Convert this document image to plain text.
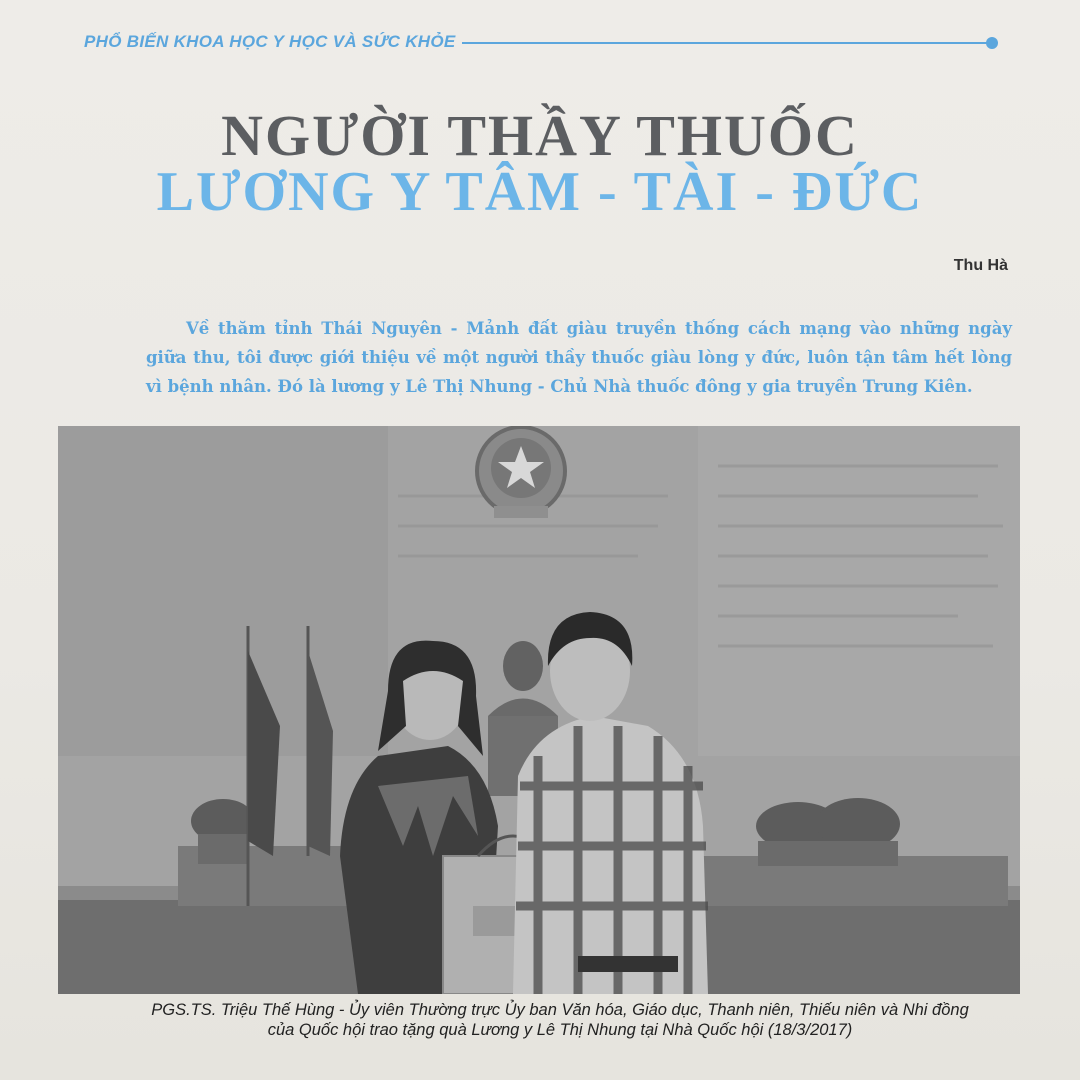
PHỔ BIẾN KHOA HỌC Y HỌC VÀ SỨC KHỎE
NGƯỜI THẦY THUỐC
LƯƠNG Y TÂM - TÀI - ĐỨC
Thu Hà

Về thăm tỉnh Thái Nguyên - Mảnh đất giàu truyền thống cách mạng vào những ngày giữa thu, tôi được giới thiệu về một người thầy thuốc giàu lòng y đức, luôn tận tâm hết lòng vì bệnh nhân. Đó là lương y Lê Thị Nhung - Chủ Nhà thuốc đông y gia truyền Trung Kiên.

PGS.TS. Triệu Thế Hùng - Ủy viên Thường trực Ủy ban Văn hóa, Giáo dục, Thanh niên, Thiếu niên và Nhi đồng
của Quốc hội trao tặng quà Lương y Lê Thị Nhung tại Nhà Quốc hội (18/3/2017)
